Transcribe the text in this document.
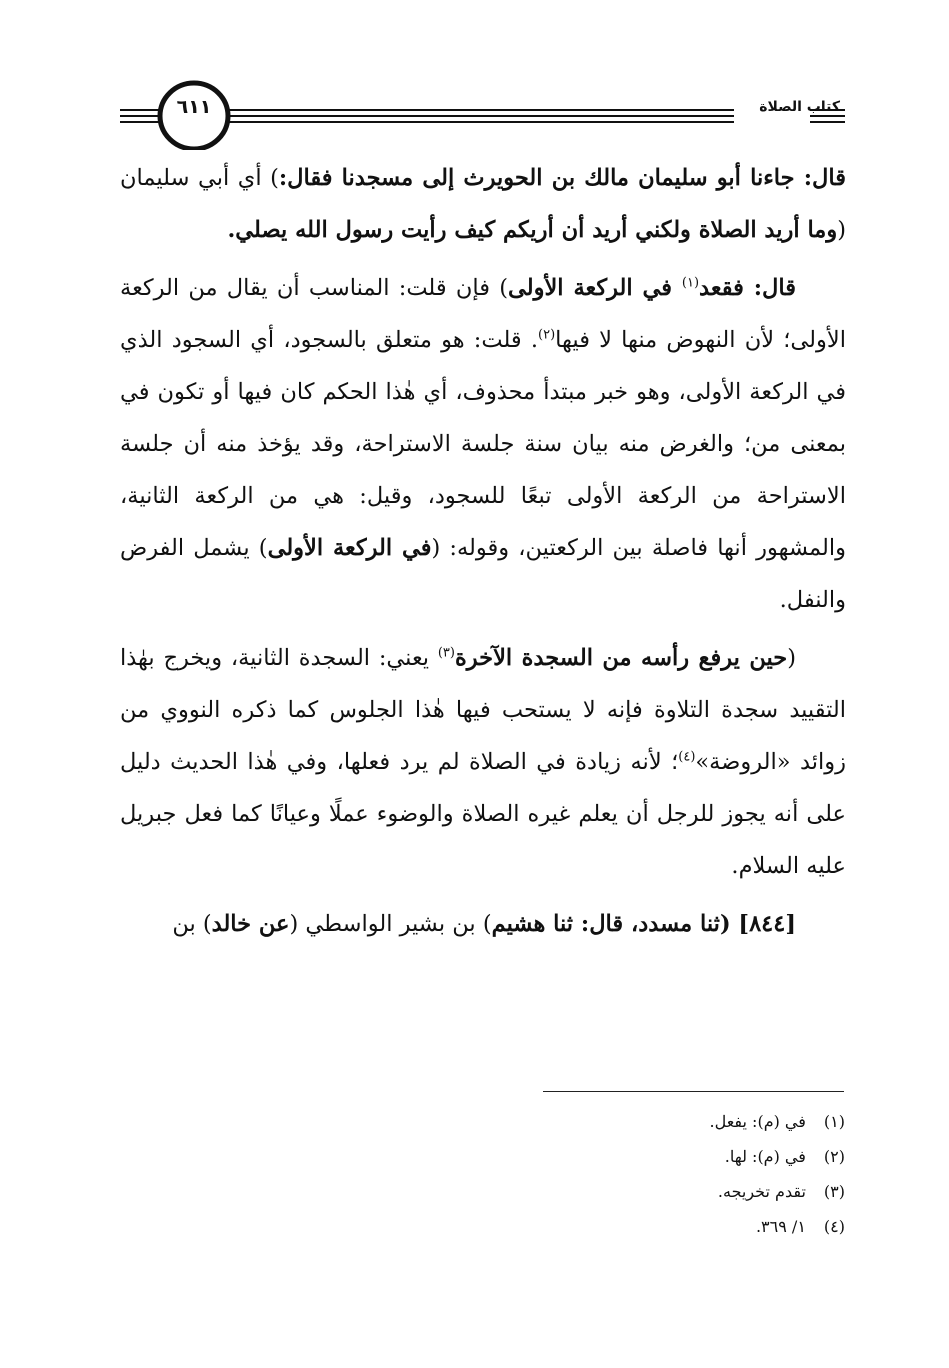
كتاب الصلاة
٦١١

قال: جاءنا أبو سليمان مالك بن الحويرث إلى مسجدنا فقال:) أي أبي سليمان (وما أريد الصلاة ولكني أريد أن أريكم كيف رأيت رسول الله يصلي.

قال: فقعد$^{(١)}$ في الركعة الأولى) فإن قلت: المناسب أن يقال من الركعة الأولى؛ لأن النهوض منها لا فيها$^{(٢)}$. قلت: هو متعلق بالسجود، أي السجود الذي في الركعة الأولى، وهو خبر مبتدأ محذوف، أي هٰذا الحكم كان فيها أو تكون في بمعنى من؛ والغرض منه بيان سنة جلسة الاستراحة، وقد يؤخذ منه أن جلسة الاستراحة من الركعة الأولى تبعًا للسجود، وقيل: هي من الركعة الثانية، والمشهور أنها فاصلة بين الركعتين، وقوله: (في الركعة الأولى) يشمل الفرض والنفل.

(حين يرفع رأسه من السجدة الآخرة$^{(٣)}$ يعني: السجدة الثانية، ويخرج بهٰذا التقييد سجدة التلاوة فإنه لا يستحب فيها هٰذا الجلوس كما ذكره النووي من زوائد «الروضة»$^{(٤)}$؛ لأنه زيادة في الصلاة لم يرد فعلها، وفي هٰذا الحديث دليل على أنه يجوز للرجل أن يعلم غيره الصلاة والوضوء عملًا وعيانًا كما فعل جبريل عليه السلام.

[٨٤٤] (ثنا مسدد، قال: ثنا هشيم) بن بشير الواسطي (عن خالد) بن

(١) في (م): يفعل.
(٢) في (م): لها.
(٣) تقدم تخريجه.
(٤) ١/ ٣٦٩.
